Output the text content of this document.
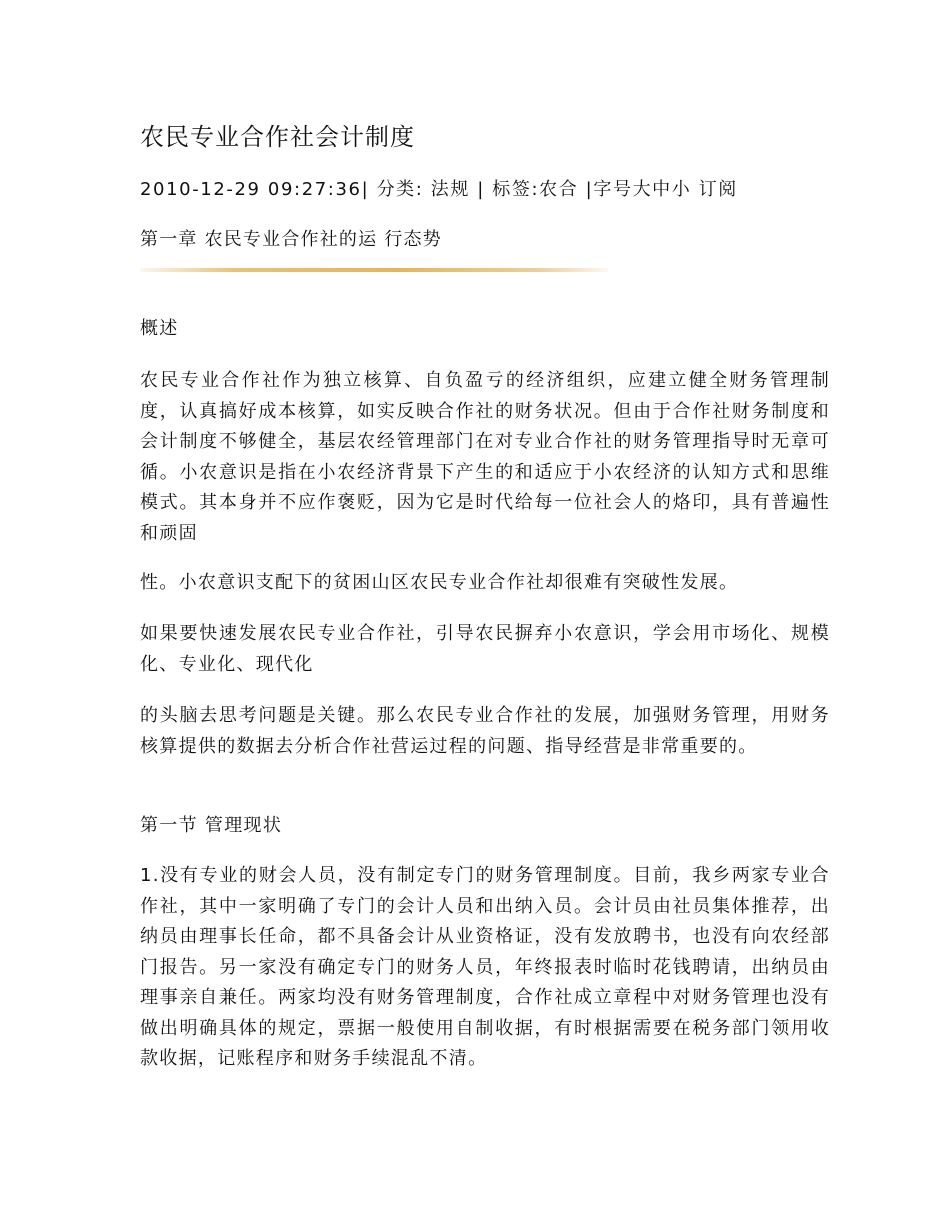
农民专业合作社会计制度
2010-12-29 09:27:36| 分类: 法规 | 标签:农合 |字号大中小 订阅
第一章 农民专业合作社的运 行态势

概述

农民专业合作社作为独立核算、自负盈亏的经济组织，应建立健全财务管理制度，认真搞好成本核算，如实反映合作社的财务状况。但由于合作社财务制度和会计制度不够健全，基层农经管理部门在对专业合作社的财务管理指导时无章可循。小农意识是指在小农经济背景下产生的和适应于小农经济的认知方式和思维模式。其本身并不应作褒贬，因为它是时代给每一位社会人的烙印，具有普遍性和顽固

性。小农意识支配下的贫困山区农民专业合作社却很难有突破性发展。

如果要快速发展农民专业合作社，引导农民摒弃小农意识，学会用市场化、规模化、专业化、现代化

的头脑去思考问题是关键。那么农民专业合作社的发展，加强财务管理，用财务核算提供的数据去分析合作社营运过程的问题、指导经营是非常重要的。

第一节 管理现状

1.没有专业的财会人员，没有制定专门的财务管理制度。目前，我乡两家专业合作社，其中一家明确了专门的会计人员和出纳入员。会计员由社员集体推荐，出纳员由理事长任命，都不具备会计从业资格证，没有发放聘书，也没有向农经部门报告。另一家没有确定专门的财务人员，年终报表时临时花钱聘请，出纳员由理事亲自兼任。两家均没有财务管理制度，合作社成立章程中对财务管理也没有做出明确具体的规定，票据一般使用自制收据，有时根据需要在税务部门领用收款收据，记账程序和财务手续混乱不清。
